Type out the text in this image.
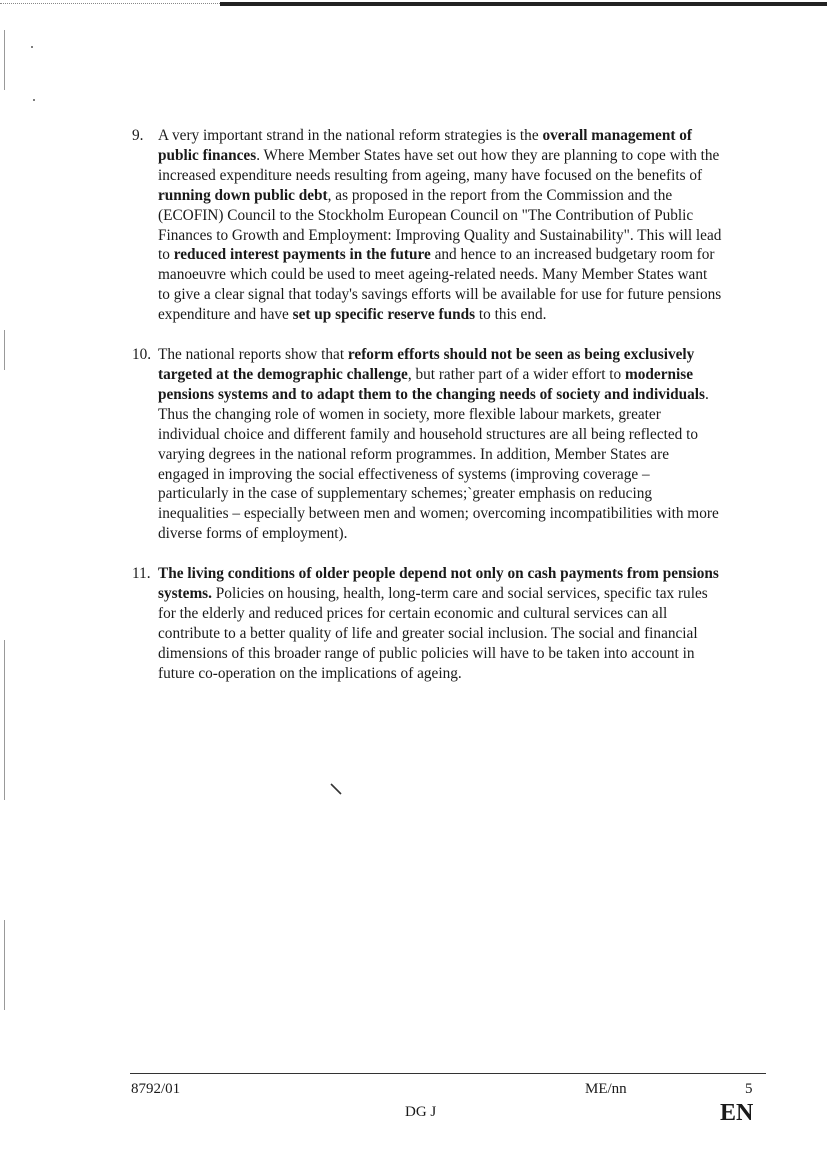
9. A very important strand in the national reform strategies is the overall management of public finances. Where Member States have set out how they are planning to cope with the increased expenditure needs resulting from ageing, many have focused on the benefits of running down public debt, as proposed in the report from the Commission and the (ECOFIN) Council to the Stockholm European Council on "The Contribution of Public Finances to Growth and Employment: Improving Quality and Sustainability". This will lead to reduced interest payments in the future and hence to an increased budgetary room for manoeuvre which could be used to meet ageing-related needs. Many Member States want to give a clear signal that today's savings efforts will be available for use for future pensions expenditure and have set up specific reserve funds to this end.
10. The national reports show that reform efforts should not be seen as being exclusively targeted at the demographic challenge, but rather part of a wider effort to modernise pensions systems and to adapt them to the changing needs of society and individuals. Thus the changing role of women in society, more flexible labour markets, greater individual choice and different family and household structures are all being reflected to varying degrees in the national reform programmes. In addition, Member States are engaged in improving the social effectiveness of systems (improving coverage – particularly in the case of supplementary schemes;`greater emphasis on reducing inequalities – especially between men and women; overcoming incompatibilities with more diverse forms of employment).
11. The living conditions of older people depend not only on cash payments from pensions systems. Policies on housing, health, long-term care and social services, specific tax rules for the elderly and reduced prices for certain economic and cultural services can all contribute to a better quality of life and greater social inclusion. The social and financial dimensions of this broader range of public policies will have to be taken into account in future co-operation on the implications of ageing.
8792/01	ME/nn	5
DG J	EN
